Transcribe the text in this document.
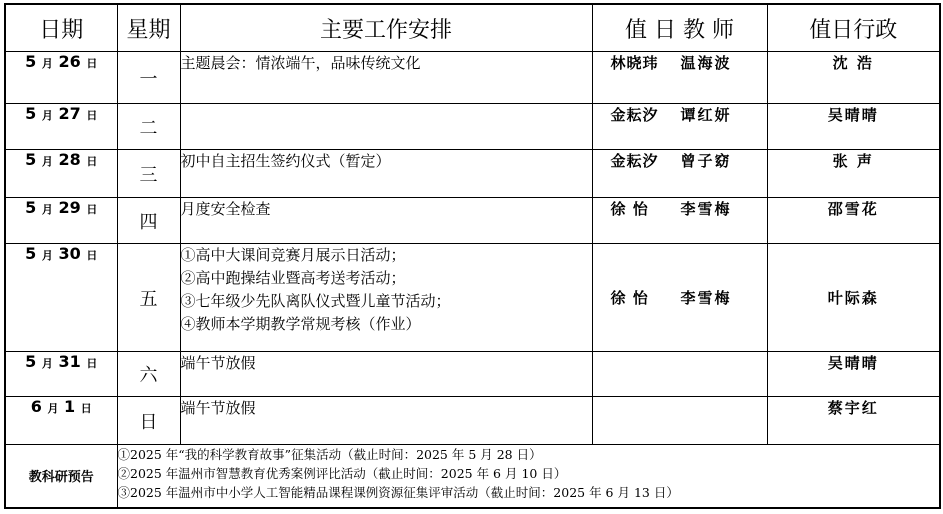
日期	星期	主要工作安排	值 日 教 师	值日行政
5 月 26 日	一	主题晨会：情浓端午，品味传统文化	林晓玮 温海波	沈 浩
5 月 27 日	二		金耘汐 谭红妍	吴晴晴
5 月 28 日	三	初中自主招生签约仪式（暂定）	金耘汐 曾子窈	张 声
5 月 29 日	四	月度安全检查	徐 怡 李雪梅	邵雪花
5 月 30 日	五	①高中大课间竞赛月展示日活动；
②高中跑操结业暨高考送考活动；
③七年级少先队离队仪式暨儿童节活动；
④教师本学期教学常规考核（作业）	徐 怡 李雪梅	叶际森
5 月 31 日	六	端午节放假		吴晴晴
6 月 1 日	日	端午节放假		蔡宇红
教科研预告	①2025 年“我的科学教育故事”征集活动（截止时间：2025 年 5 月 28 日）
②2025 年温州市智慧教育优秀案例评比活动（截止时间：2025 年 6 月 10 日）
③2025 年温州市中小学人工智能精品课程课例资源征集评审活动（截止时间：2025 年 6 月 13 日）			
